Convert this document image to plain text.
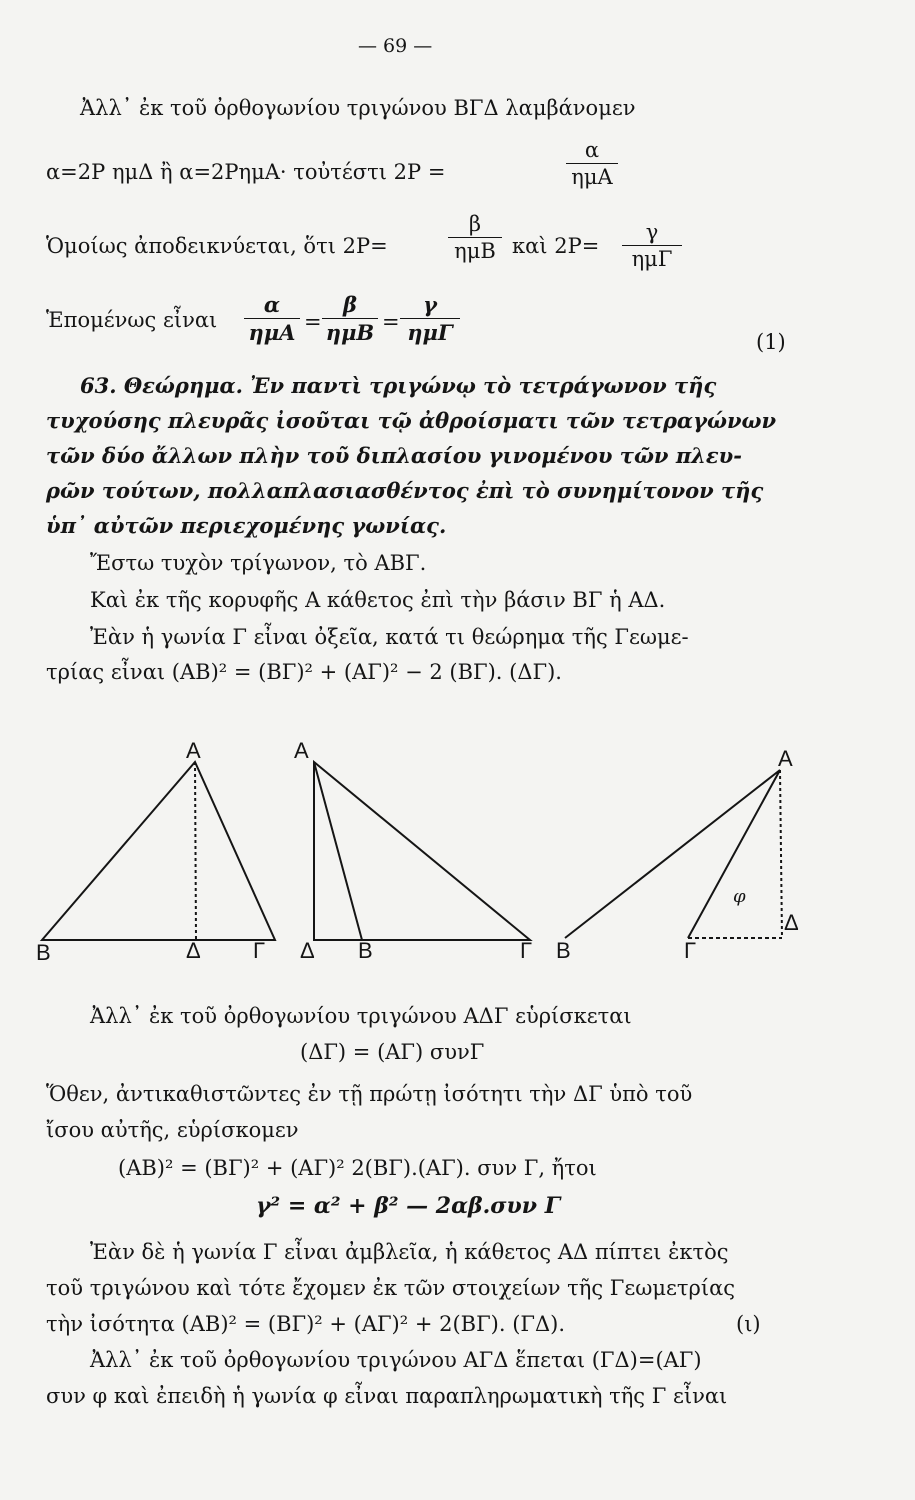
— 69 —
Ἀλλ᾽ ἐκ τοῦ ὀρθογωνίου τριγώνου ΒΓΔ λαμβάνομεν
α=2Ρ ημΔ ἢ α=2ΡημΑ· τοὐτέστι 2Ρ =
α
ημΑ
Ὁμοίως ἀποδεικνύεται, ὅτι 2Ρ=
β
ημΒ καὶ 2Ρ=
γ
ημΓ
Ἑπομένως εἶναι
α
ημΑ =
β
ημΒ =
γ
ημΓ	(1)
63. Θεώρημα. Ἐν παντὶ τριγώνῳ τὸ τετράγωνον τῆς
τυχούσης πλευρᾶς ἰσοῦται τῷ ἀθροίσματι τῶν τετραγώνων
τῶν δύο ἄλλων πλὴν τοῦ διπλασίου γινομένου τῶν πλευ-
ρῶν τούτων, πολλαπλασιασθέντος ἐπὶ τὸ συνημίτονον τῆς
ὑπ᾽ αὐτῶν περιεχομένης γωνίας.
Ἔστω τυχὸν τρίγωνον, τὸ ΑΒΓ.
Καὶ ἐκ τῆς κορυφῆς Α κάθετος ἐπὶ τὴν βάσιν ΒΓ ἡ ΑΔ.
Ἐὰν ἡ γωνία Γ εἶναι ὀξεῖα, κατά τι θεώρημα τῆς Γεωμε-
τρίας εἶναι (ΑΒ)² = (ΒΓ)² + (ΑΓ)² − 2 (ΒΓ). (ΔΓ).
Α
Β	Δ Γ
Α
Δ Β	Γ
Α
Β	Γ
Δ
φ
Ἀλλ᾽ ἐκ τοῦ ὀρθογωνίου τριγώνου ΑΔΓ εὑρίσκεται
(ΔΓ) = (ΑΓ) συνΓ
Ὅθεν, ἀντικαθιστῶντες ἐν τῇ πρώτῃ ἰσότητι τὴν ΔΓ ὑπὸ τοῦ
ἴσου αὐτῆς, εὑρίσκομεν
(ΑΒ)² = (ΒΓ)² + (ΑΓ)² 2(ΒΓ).(ΑΓ). συν Γ, ἤτοι
γ² = α² + β² — 2αβ.συν Γ
Ἐὰν δὲ ἡ γωνία Γ εἶναι ἀμβλεῖα, ἡ κάθετος ΑΔ πίπτει ἐκτὸς
τοῦ τριγώνου καὶ τότε ἔχομεν ἐκ τῶν στοιχείων τῆς Γεωμετρίας
τὴν ἰσότητα (ΑΒ)² = (ΒΓ)² + (ΑΓ)² + 2(ΒΓ). (ΓΔ).	(ι)
Ἀλλ᾽ ἐκ τοῦ ὀρθογωνίου τριγώνου ΑΓΔ ἕπεται (ΓΔ)=(ΑΓ)
συν φ καὶ ἐπειδὴ ἡ γωνία φ εἶναι παραπληρωματικὴ τῆς Γ εἶναι
